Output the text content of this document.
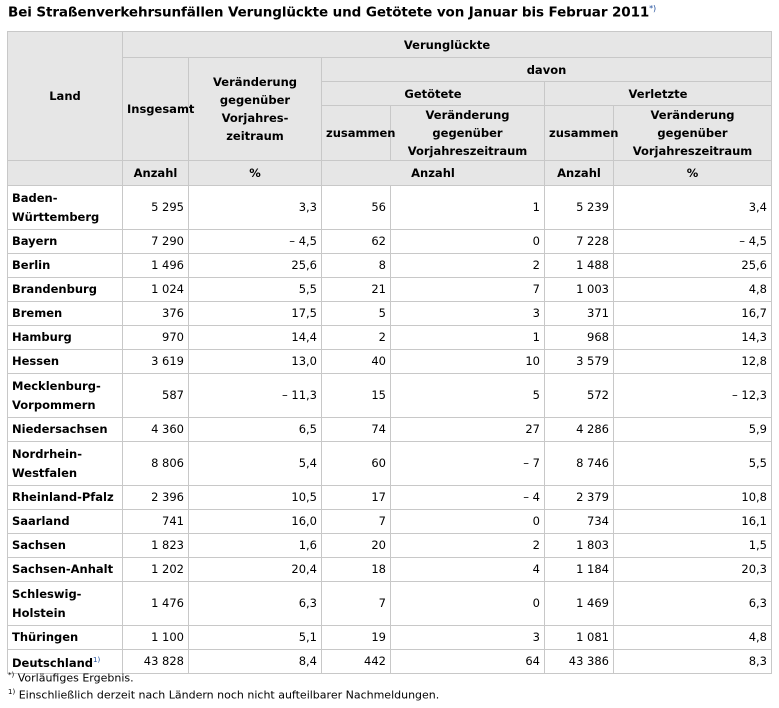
Bei Straßenverkehrsunfällen Verunglückte und Getötete von Januar bis Februar 2011*)
Land	Verunglückte					
	Insgesamt	Veränderung gegenüber Vorjahres-zeitraum	davon			
			Getötete		Verletzte	
			zusammen	Veränderung gegenüber Vorjahreszeitraum	zusammen	Veränderung gegenüber Vorjahreszeitraum
	Anzahl	%	Anzahl		Anzahl	%
Baden-Württemberg	5 295	3,3	56	1	5 239	3,4
Bayern	7 290	– 4,5	62	0	7 228	– 4,5
Berlin	1 496	25,6	8	2	1 488	25,6
Brandenburg	1 024	5,5	21	7	1 003	4,8
Bremen	376	17,5	5	3	371	16,7
Hamburg	970	14,4	2	1	968	14,3
Hessen	3 619	13,0	40	10	3 579	12,8
Mecklenburg-Vorpommern	587	– 11,3	15	5	572	– 12,3
Niedersachsen	4 360	6,5	74	27	4 286	5,9
Nordrhein-Westfalen	8 806	5,4	60	– 7	8 746	5,5
Rheinland-Pfalz	2 396	10,5	17	– 4	2 379	10,8
Saarland	741	16,0	7	0	734	16,1
Sachsen	1 823	1,6	20	2	1 803	1,5
Sachsen-Anhalt	1 202	20,4	18	4	1 184	20,3
Schleswig-Holstein	1 476	6,3	7	0	1 469	6,3
Thüringen	1 100	5,1	19	3	1 081	4,8
Deutschland$^{1)}$	43 828	8,4	442	64	43 386	8,3
*) Vorläufiges Ergebnis.
$^{1)}$ Einschließlich derzeit nach Ländern noch nicht aufteilbarer Nachmeldungen.
